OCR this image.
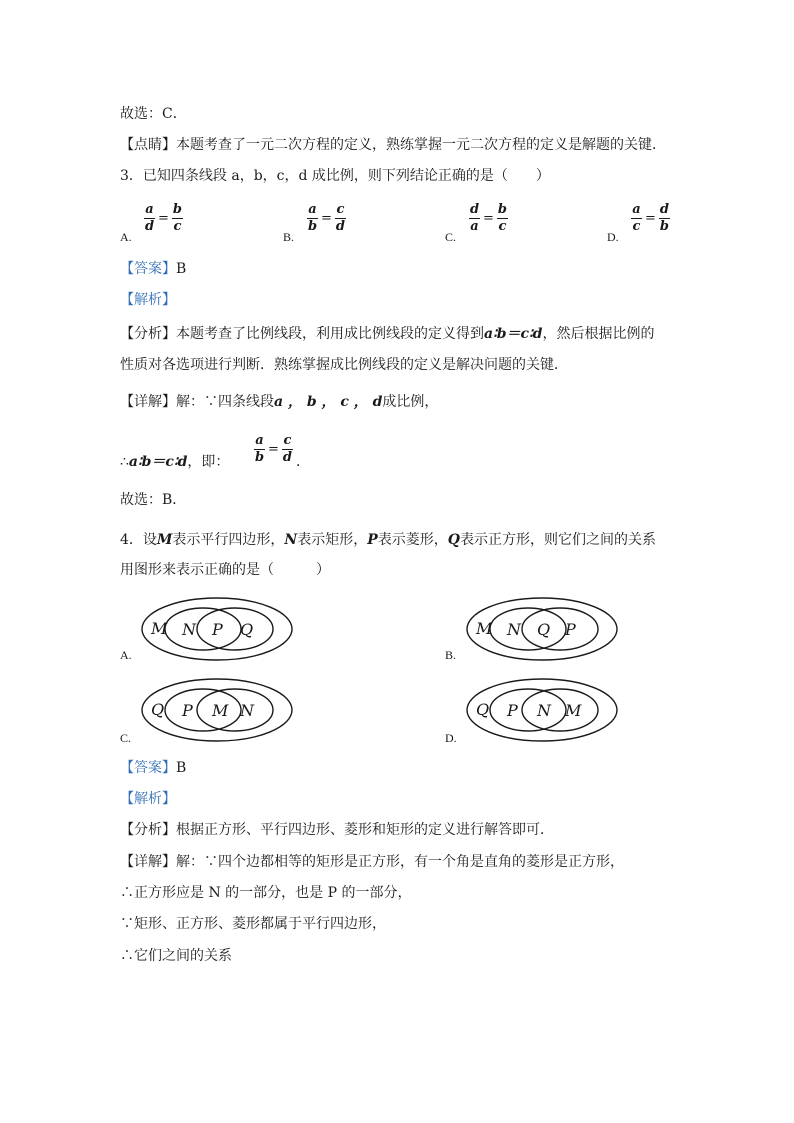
故选：C．
【点睛】本题考查了一元二次方程的定义，熟练掌握一元二次方程的定义是解题的关键．
3．已知四条线段 a，b，c，d 成比例，则下列结论正确的是（　　）
A.
a
d
=
b
c
B.
a
b
=
c
d
C.
d
a
=
b
c
D.
a
c
=
d
b
【答案】B
【解析】
【分析】本题考查了比例线段，利用成比例线段的定义得到a∶b＝c∶d，然后根据比例的
性质对各选项进行判断．熟练掌握成比例线段的定义是解决问题的关键．
【详解】解：∵四条线段a ， b ， c ， d成比例，
∴a∶b＝c∶d，即：
a
b
=
c
d ．
故选：B．
4．设M表示平行四边形，N表示矩形，P表示菱形，Q表示正方形，则它们之间的关系
用图形来表示正确的是（　　　）
A.
M N P Q
B.
M N Q P
C.
Q P M N
D.
Q P N M
【答案】B
【解析】
【分析】根据正方形、平行四边形、菱形和矩形的定义进行解答即可．
【详解】解：∵四个边都相等的矩形是正方形，有一个角是直角的菱形是正方形，
∴正方形应是 N 的一部分，也是 P 的一部分，
∵矩形、正方形、菱形都属于平行四边形，
∴它们之间的关系
